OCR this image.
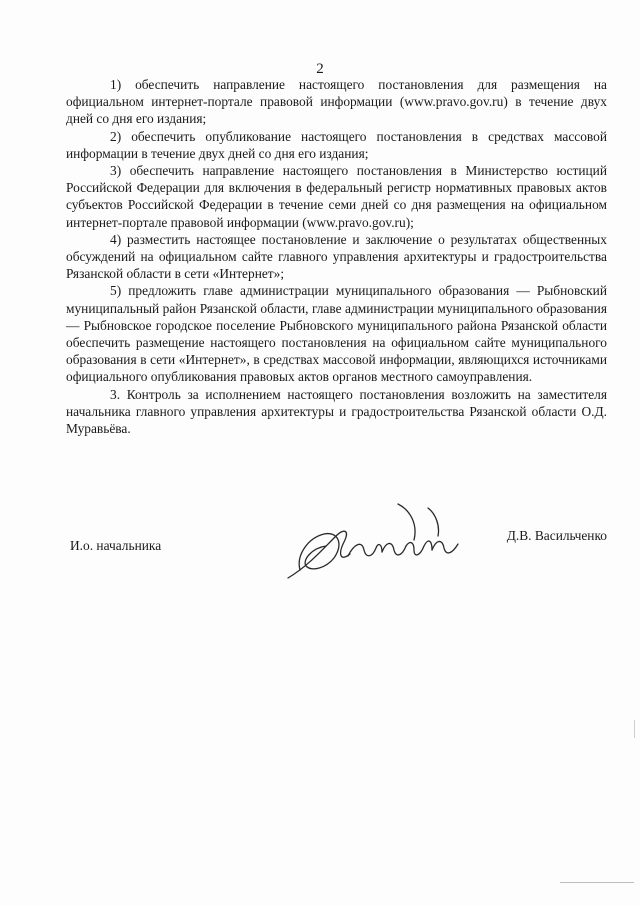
2

1) обеспечить направление настоящего постановления для размещения на официальном интернет-портале правовой информации (www.pravo.gov.ru) в течение двух дней со дня его издания;

2) обеспечить опубликование настоящего постановления в средствах массовой информации в течение двух дней со дня его издания;

3) обеспечить направление настоящего постановления в Министерство юстиций Российской Федерации для включения в федеральный регистр нормативных правовых актов субъектов Российской Федерации в течение семи дней со дня размещения на официальном интернет-портале правовой информации (www.pravo.gov.ru);

4) разместить настоящее постановление и заключение о результатах общественных обсуждений на официальном сайте главного управления архитектуры и градостроительства Рязанской области в сети «Интернет»;

5) предложить главе администрации муниципального образования — Рыбновский муниципальный район Рязанской области, главе администрации муниципального образования — Рыбновское городское поселение Рыбновского муниципального района Рязанской области обеспечить размещение настоящего постановления на официальном сайте муниципального образования в сети «Интернет», в средствах массовой информации, являющихся источниками официального опубликования правовых актов органов местного самоуправления.

3. Контроль за исполнением настоящего постановления возложить на заместителя начальника главного управления архитектуры и градостроительства Рязанской области О.Д. Муравьёва.

И.о. начальника
Д.В. Васильченко
